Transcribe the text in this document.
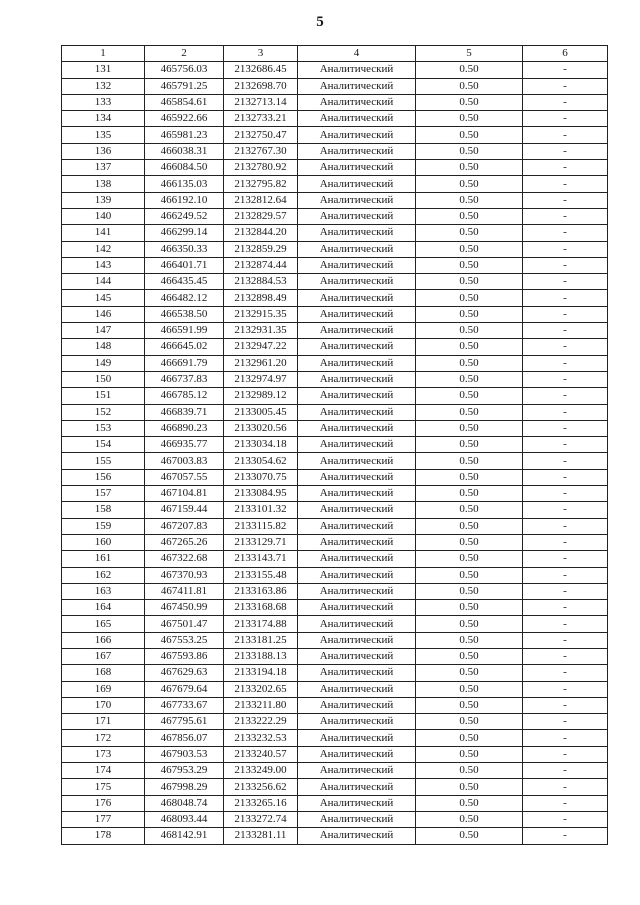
5
1	2	3	4	5	6
131	465756.03	2132686.45	Аналитический	0.50	-
132	465791.25	2132698.70	Аналитический	0.50	-
133	465854.61	2132713.14	Аналитический	0.50	-
134	465922.66	2132733.21	Аналитический	0.50	-
135	465981.23	2132750.47	Аналитический	0.50	-
136	466038.31	2132767.30	Аналитический	0.50	-
137	466084.50	2132780.92	Аналитический	0.50	-
138	466135.03	2132795.82	Аналитический	0.50	-
139	466192.10	2132812.64	Аналитический	0.50	-
140	466249.52	2132829.57	Аналитический	0.50	-
141	466299.14	2132844.20	Аналитический	0.50	-
142	466350.33	2132859.29	Аналитический	0.50	-
143	466401.71	2132874.44	Аналитический	0.50	-
144	466435.45	2132884.53	Аналитический	0.50	-
145	466482.12	2132898.49	Аналитический	0.50	-
146	466538.50	2132915.35	Аналитический	0.50	-
147	466591.99	2132931.35	Аналитический	0.50	-
148	466645.02	2132947.22	Аналитический	0.50	-
149	466691.79	2132961.20	Аналитический	0.50	-
150	466737.83	2132974.97	Аналитический	0.50	-
151	466785.12	2132989.12	Аналитический	0.50	-
152	466839.71	2133005.45	Аналитический	0.50	-
153	466890.23	2133020.56	Аналитический	0.50	-
154	466935.77	2133034.18	Аналитический	0.50	-
155	467003.83	2133054.62	Аналитический	0.50	-
156	467057.55	2133070.75	Аналитический	0.50	-
157	467104.81	2133084.95	Аналитический	0.50	-
158	467159.44	2133101.32	Аналитический	0.50	-
159	467207.83	2133115.82	Аналитический	0.50	-
160	467265.26	2133129.71	Аналитический	0.50	-
161	467322.68	2133143.71	Аналитический	0.50	-
162	467370.93	2133155.48	Аналитический	0.50	-
163	467411.81	2133163.86	Аналитический	0.50	-
164	467450.99	2133168.68	Аналитический	0.50	-
165	467501.47	2133174.88	Аналитический	0.50	-
166	467553.25	2133181.25	Аналитический	0.50	-
167	467593.86	2133188.13	Аналитический	0.50	-
168	467629.63	2133194.18	Аналитический	0.50	-
169	467679.64	2133202.65	Аналитический	0.50	-
170	467733.67	2133211.80	Аналитический	0.50	-
171	467795.61	2133222.29	Аналитический	0.50	-
172	467856.07	2133232.53	Аналитический	0.50	-
173	467903.53	2133240.57	Аналитический	0.50	-
174	467953.29	2133249.00	Аналитический	0.50	-
175	467998.29	2133256.62	Аналитический	0.50	-
176	468048.74	2133265.16	Аналитический	0.50	-
177	468093.44	2133272.74	Аналитический	0.50	-
178	468142.91	2133281.11	Аналитический	0.50	-
